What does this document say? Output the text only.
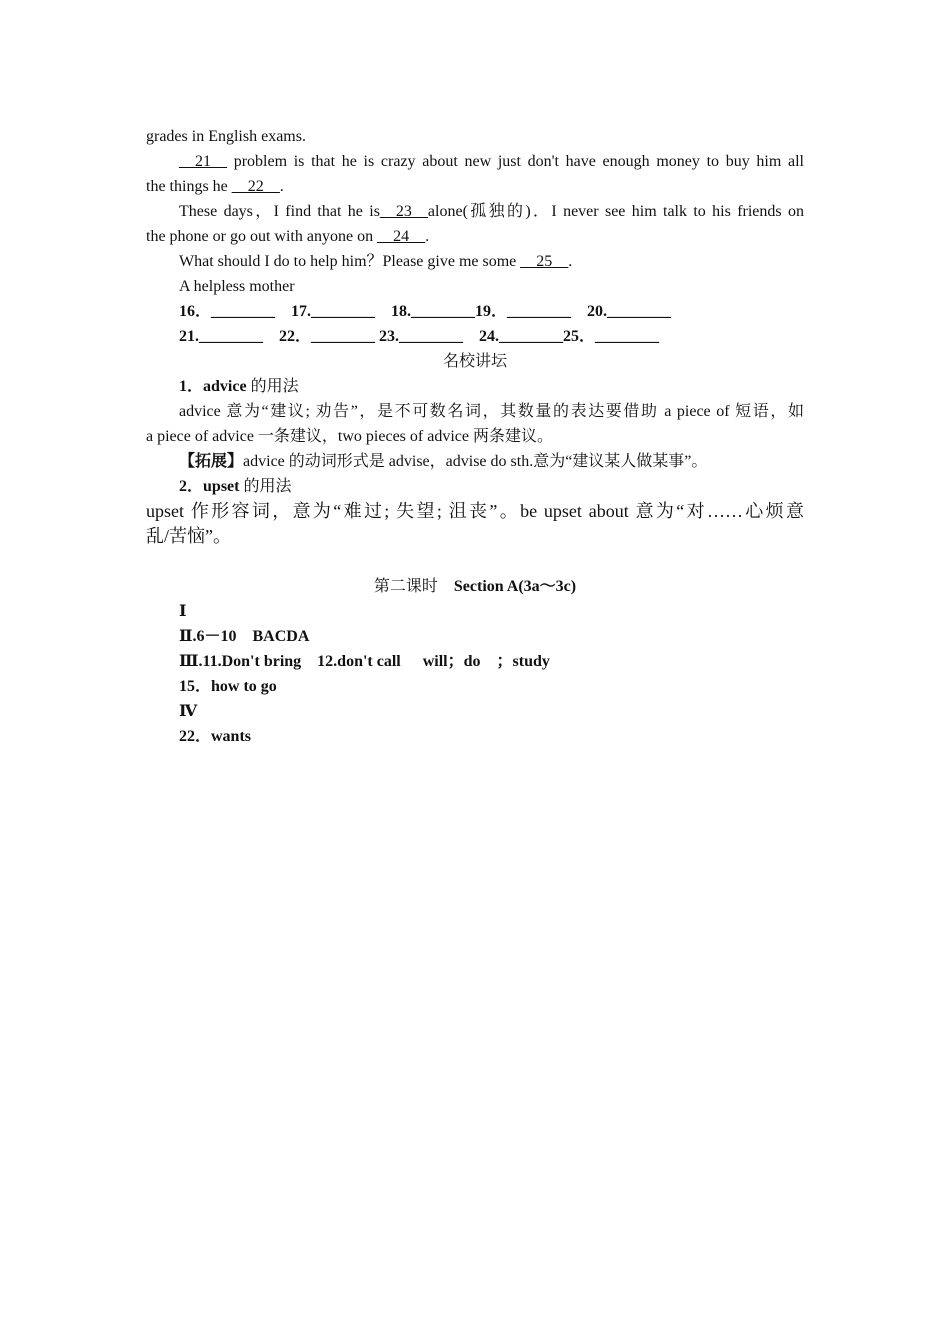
grades in English exams.
__21__ problem is that he is crazy about new just don't have enough money to buy him all
the things he __22__.
These days，I find that he is__23__alone(孤独的)．I never see him talk to his friends on
the phone or go out with anyone on __24__.
What should I do to help him？Please give me some __25__.
A helpless mother
16．________ 17.________ 18.________19．________ 20.________
21.________ 22．________ 23.________ 24.________25．________
名校讲坛
1．advice 的用法
advice 意为“建议; 劝告”，是不可数名词，其数量的表达要借助 a piece of 短语，如
a piece of advice 一条建议，two pieces of advice 两条建议。
【拓展】advice 的动词形式是 advise，advise do sth.意为“建议某人做某事”。
2．upset 的用法
upset 作形容词，意为“难过; 失望; 沮丧”。be upset about 意为“对……心烦意
乱/苦恼”。
第二课时 Section A(3a～3c)
Ⅰ
Ⅱ.6－10　BACDA
Ⅲ.11.Don't bring 12.don't call will；do ；study
15．how to go
Ⅳ
22．wants
